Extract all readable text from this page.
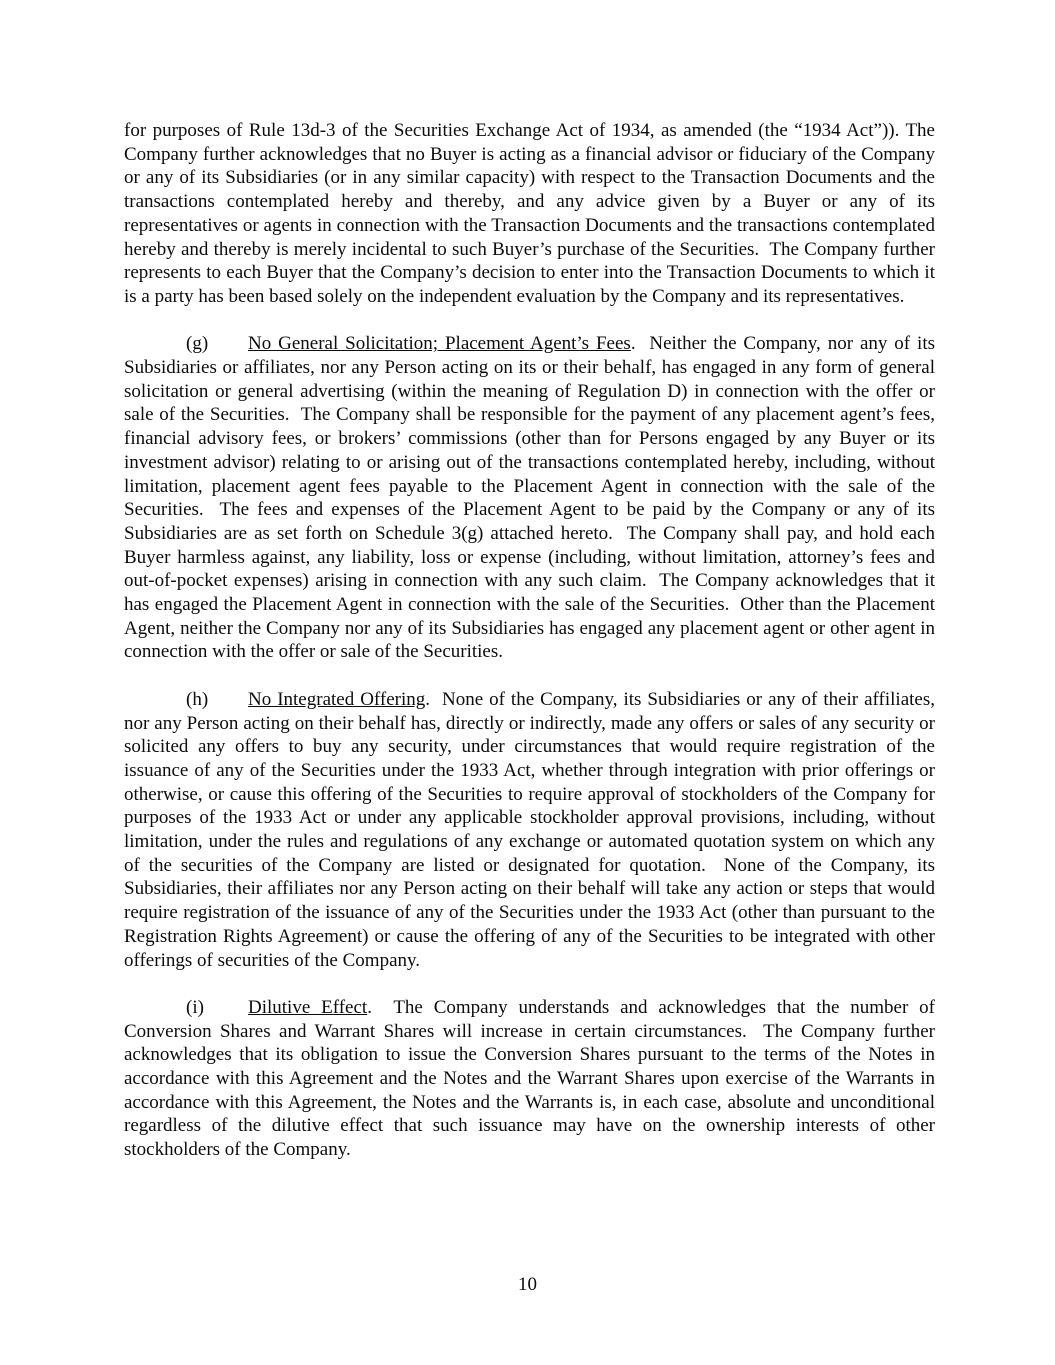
for purposes of Rule 13d-3 of the Securities Exchange Act of 1934, as amended (the “1934 Act”)). The Company further acknowledges that no Buyer is acting as a financial advisor or fiduciary of the Company or any of its Subsidiaries (or in any similar capacity) with respect to the Transaction Documents and the transactions contemplated hereby and thereby, and any advice given by a Buyer or any of its representatives or agents in connection with the Transaction Documents and the transactions contemplated hereby and thereby is merely incidental to such Buyer’s purchase of the Securities.  The Company further represents to each Buyer that the Company’s decision to enter into the Transaction Documents to which it is a party has been based solely on the independent evaluation by the Company and its representatives.

(g) No General Solicitation; Placement Agent’s Fees.  Neither the Company, nor any of its Subsidiaries or affiliates, nor any Person acting on its or their behalf, has engaged in any form of general solicitation or general advertising (within the meaning of Regulation D) in connection with the offer or sale of the Securities.  The Company shall be responsible for the payment of any placement agent’s fees, financial advisory fees, or brokers’ commissions (other than for Persons engaged by any Buyer or its investment advisor) relating to or arising out of the transactions contemplated hereby, including, without limitation, placement agent fees payable to the Placement Agent in connection with the sale of the Securities.  The fees and expenses of the Placement Agent to be paid by the Company or any of its Subsidiaries are as set forth on Schedule 3(g) attached hereto.  The Company shall pay, and hold each Buyer harmless against, any liability, loss or expense (including, without limitation, attorney’s fees and out-of-pocket expenses) arising in connection with any such claim.  The Company acknowledges that it has engaged the Placement Agent in connection with the sale of the Securities.  Other than the Placement Agent, neither the Company nor any of its Subsidiaries has engaged any placement agent or other agent in connection with the offer or sale of the Securities.

(h) No Integrated Offering.  None of the Company, its Subsidiaries or any of their affiliates, nor any Person acting on their behalf has, directly or indirectly, made any offers or sales of any security or solicited any offers to buy any security, under circumstances that would require registration of the issuance of any of the Securities under the 1933 Act, whether through integration with prior offerings or otherwise, or cause this offering of the Securities to require approval of stockholders of the Company for purposes of the 1933 Act or under any applicable stockholder approval provisions, including, without limitation, under the rules and regulations of any exchange or automated quotation system on which any of the securities of the Company are listed or designated for quotation.  None of the Company, its Subsidiaries, their affiliates nor any Person acting on their behalf will take any action or steps that would require registration of the issuance of any of the Securities under the 1933 Act (other than pursuant to the Registration Rights Agreement) or cause the offering of any of the Securities to be integrated with other offerings of securities of the Company.

(i) Dilutive Effect.  The Company understands and acknowledges that the number of Conversion Shares and Warrant Shares will increase in certain circumstances.  The Company further acknowledges that its obligation to issue the Conversion Shares pursuant to the terms of the Notes in accordance with this Agreement and the Notes and the Warrant Shares upon exercise of the Warrants in accordance with this Agreement, the Notes and the Warrants is, in each case, absolute and unconditional regardless of the dilutive effect that such issuance may have on the ownership interests of other stockholders of the Company.

10
